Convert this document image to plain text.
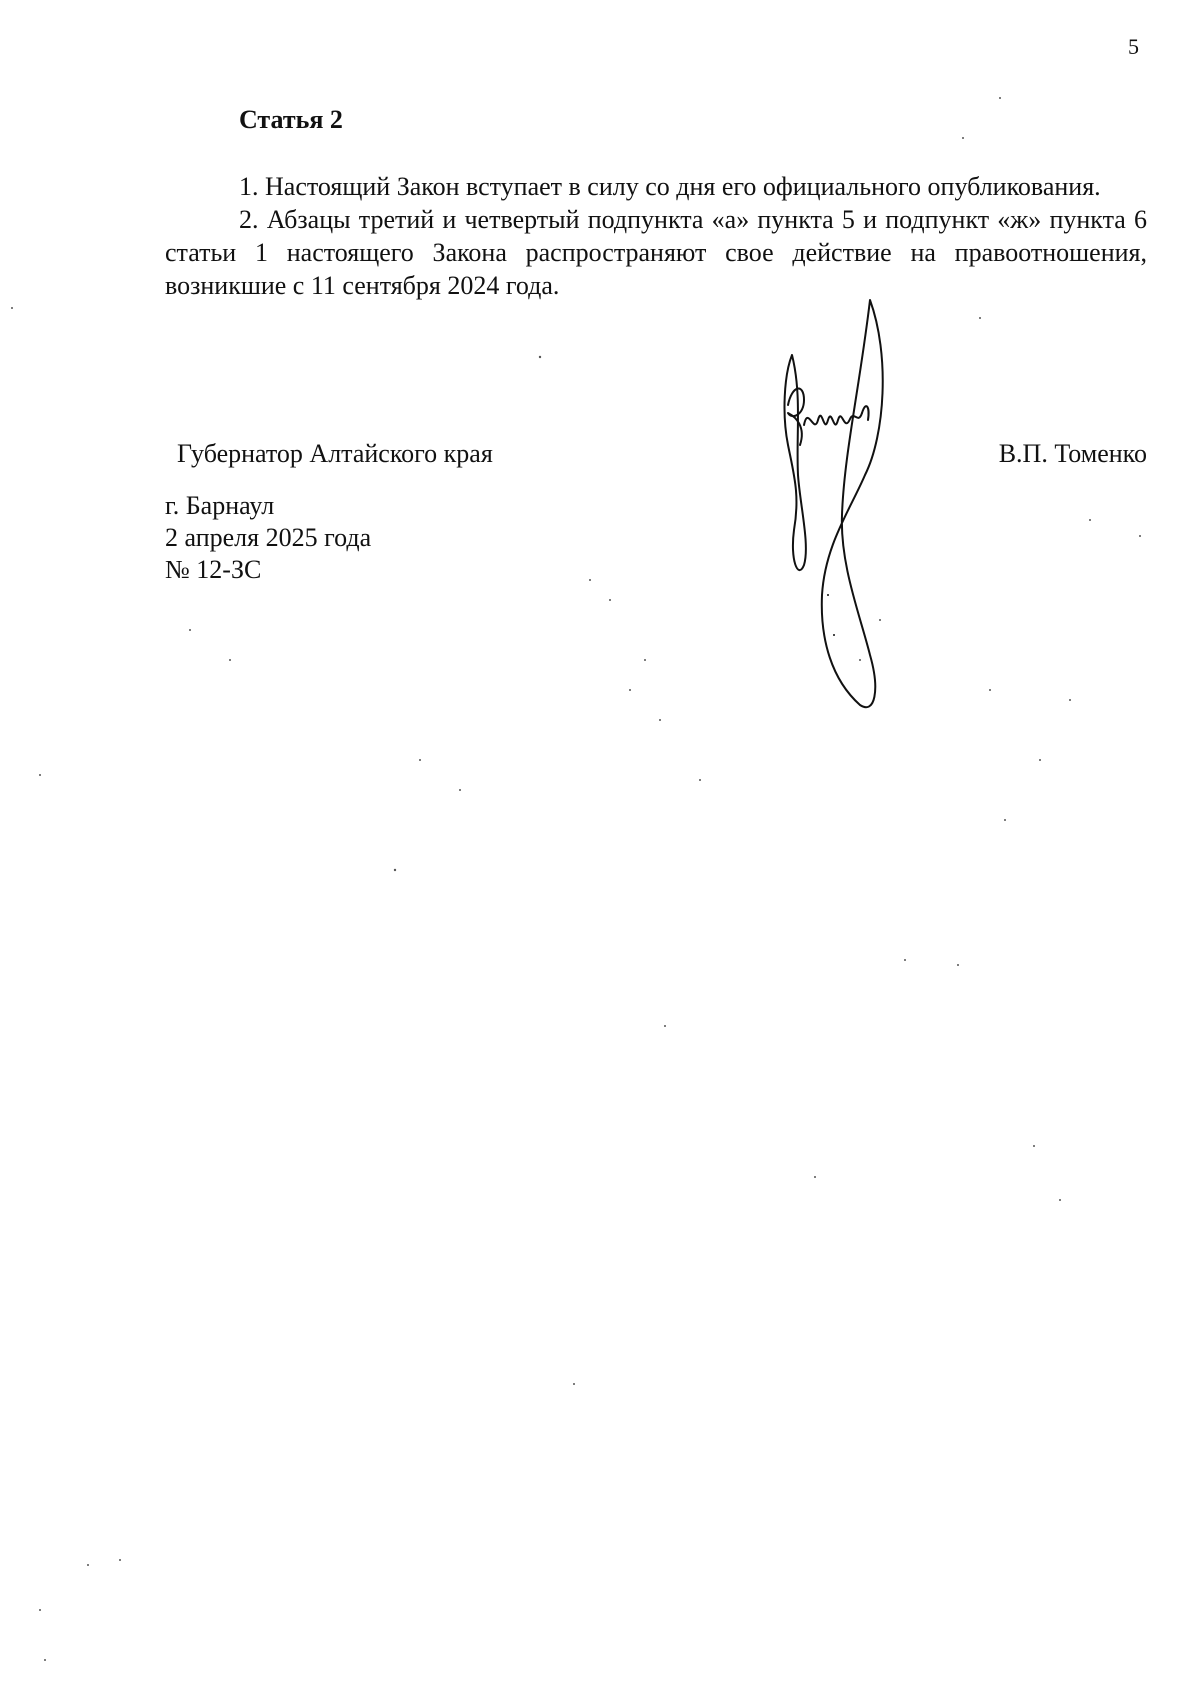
5
Статья 2

1. Настоящий Закон вступает в силу со дня его официального опубликования.

2. Абзацы третий и четвертый подпункта «а» пункта 5 и подпункт «ж» пункта 6 статьи 1 настоящего Закона распространяют свое действие на правоотношения, возникшие с 11 сентября 2024 года.

Губернатор Алтайского края	В.П. Томенко
г. Барнаул
2 апреля 2025 года
№ 12-ЗС
